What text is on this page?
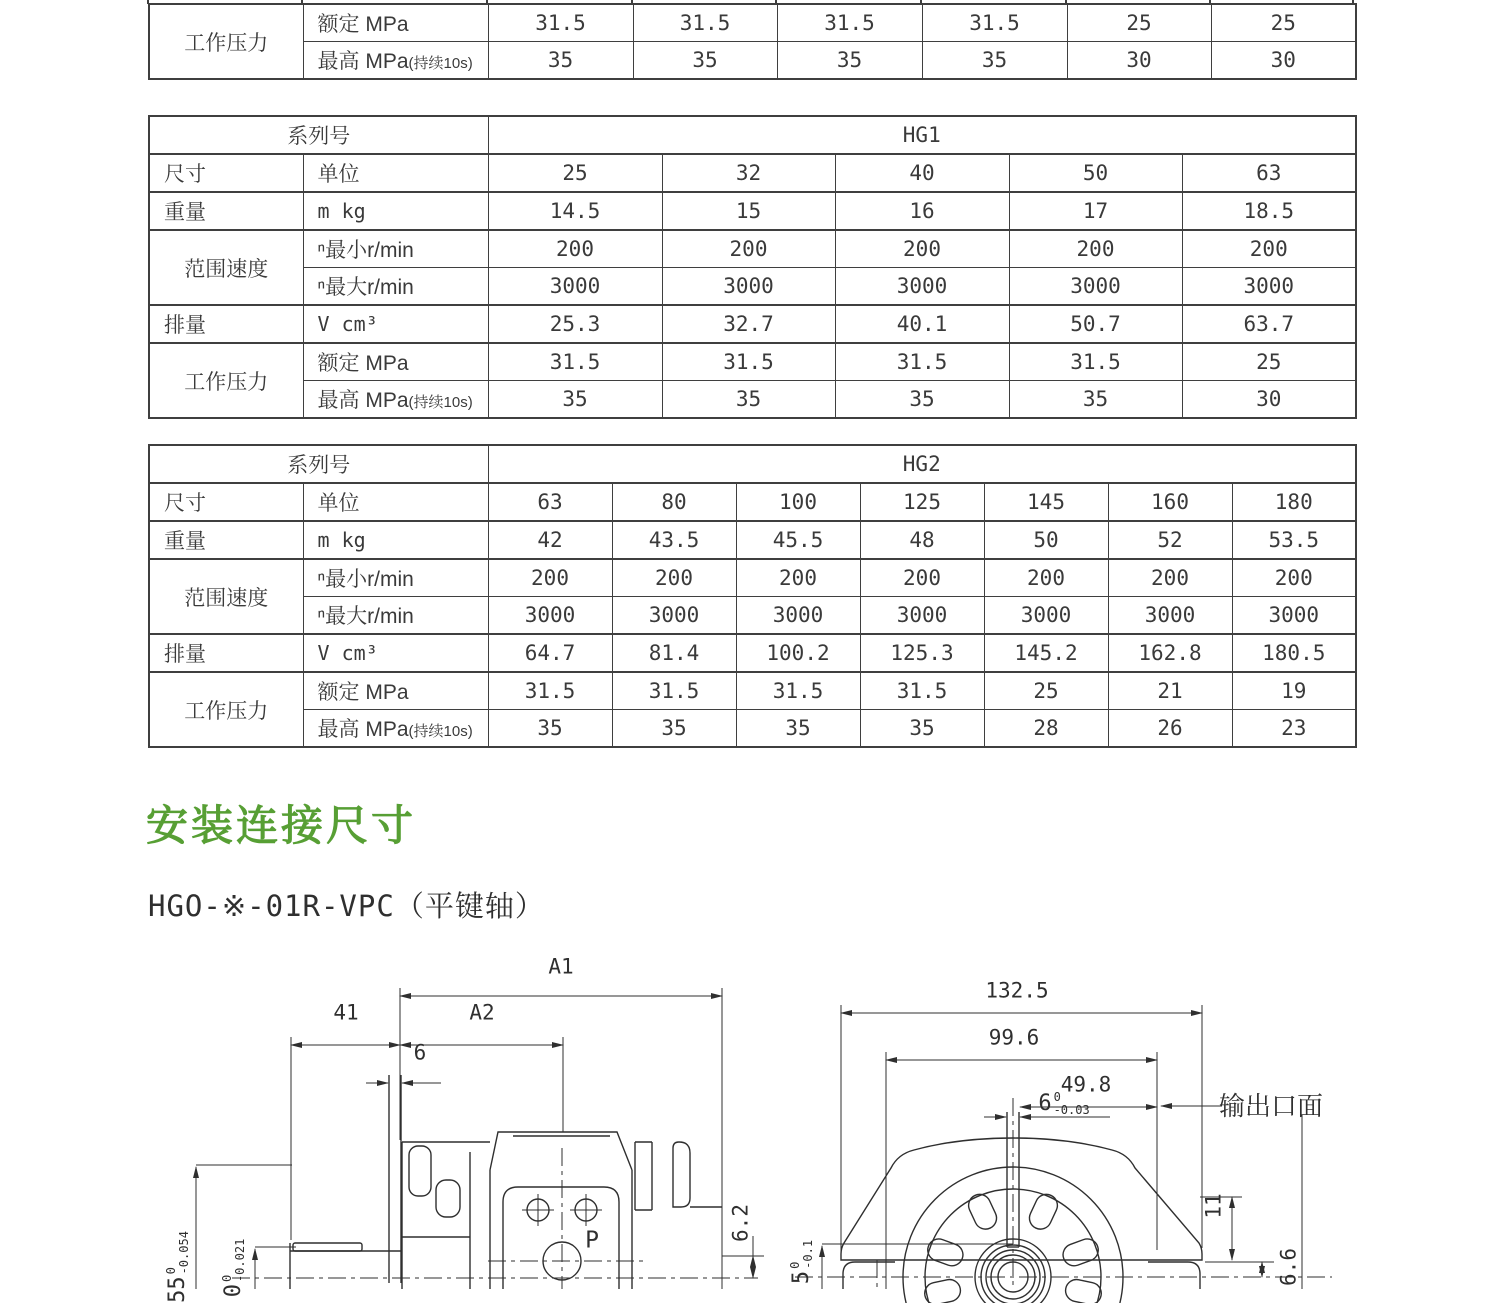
工作压力	额定 MPa	31.5	31.5	31.5	31.5	25	25
	最高 MPa(持续10s)	35	35	35	35	30	30
系列号		HG1				
尺寸	单位	25	32	40	50	63
重量	m kg	14.5	15	16	17	18.5
范围速度	ⁿ最小r/min	200	200	200	200	200
	ⁿ最大r/min	3000	3000	3000	3000	3000
排量	V cm³	25.3	32.7	40.1	50.7	63.7
工作压力	额定 MPa	31.5	31.5	31.5	31.5	25
	最高 MPa(持续10s)	35	35	35	35	30
系列号		HG2						
尺寸	单位	63	80	100	125	145	160	180
重量	m kg	42	43.5	45.5	48	50	52	53.5
范围速度	ⁿ最小r/min	200	200	200	200	200	200	200
	ⁿ最大r/min	3000	3000	3000	3000	3000	3000	3000
排量	V cm³	64.7	81.4	100.2	125.3	145.2	162.8	180.5
工作压力	额定 MPa	31.5	31.5	31.5	31.5	25	21	19
	最高 MPa(持续10s)	35	35	35	35	28	26	23
安装连接尺寸
HGO-※-01R-VPC（平键轴）
A1
41	A2
6
132.5
99.6
49.8
6 0
-0.03	输出口面
P	6.2	11
6.6
55
0 -0.054
0
0 -0.021	5
0 -0.1
